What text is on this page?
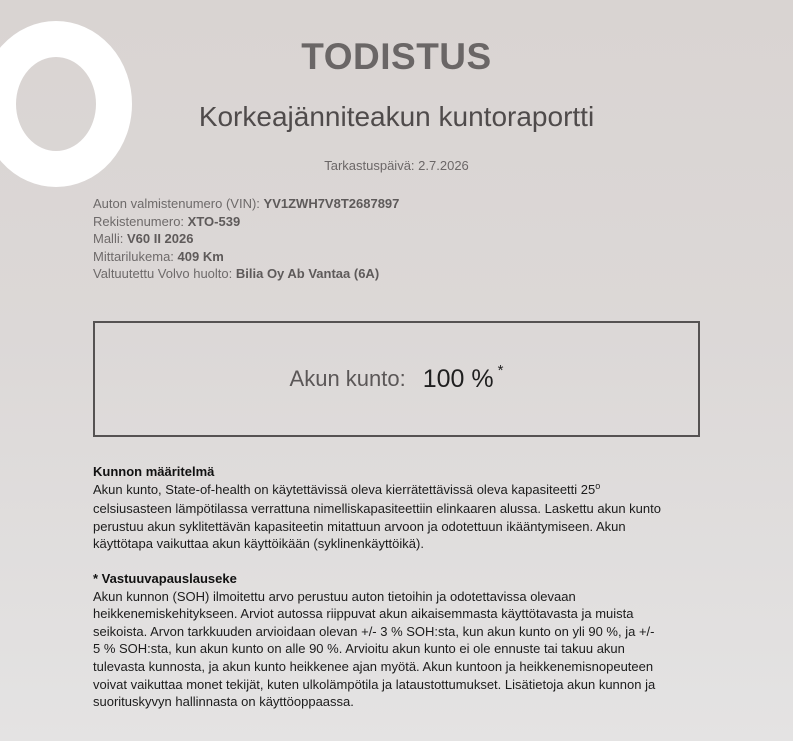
TODISTUS
Korkeajänniteakun kuntoraportti
Tarkastuspäivä: 2.7.2026
Auton valmistenumero (VIN): YV1ZWH7V8T2687897
Rekistenumero: XTO-539
Malli: V60 II 2026
Mittarilukema: 409 Km
Valtuutettu Volvo huolto: Bilia Oy Ab Vantaa (6A)
Akun kunto: 100 % *
Kunnon määritelmä
Akun kunto, State-of-health on käytettävissä oleva kierrätettävissä oleva kapasiteetti 25$^o$
celsiusasteen lämpötilassa verrattuna nimelliskapasiteettiin elinkaaren alussa. Laskettu akun kunto
perustuu akun syklitettävän kapasiteetin mitattuun arvoon ja odotettuun ikääntymiseen. Akun
käyttötapa vaikuttaa akun käyttöikään (syklinenkäyttöikä).
* Vastuuvapauslauseke
Akun kunnon (SOH) ilmoitettu arvo perustuu auton tietoihin ja odotettavissa olevaan
heikkenemiskehitykseen. Arviot autossa riippuvat akun aikaisemmasta käyttötavasta ja muista
seikoista. Arvon tarkkuuden arvioidaan olevan +/- 3 % SOH:sta, kun akun kunto on yli 90 %, ja +/-
5 % SOH:sta, kun akun kunto on alle 90 %. Arvioitu akun kunto ei ole ennuste tai takuu akun
tulevasta kunnosta, ja akun kunto heikkenee ajan myötä. Akun kuntoon ja heikkenemisnopeuteen
voivat vaikuttaa monet tekijät, kuten ulkolämpötila ja lataustottumukset. Lisätietoja akun kunnon ja
suorituskyvyn hallinnasta on käyttöoppaassa.
